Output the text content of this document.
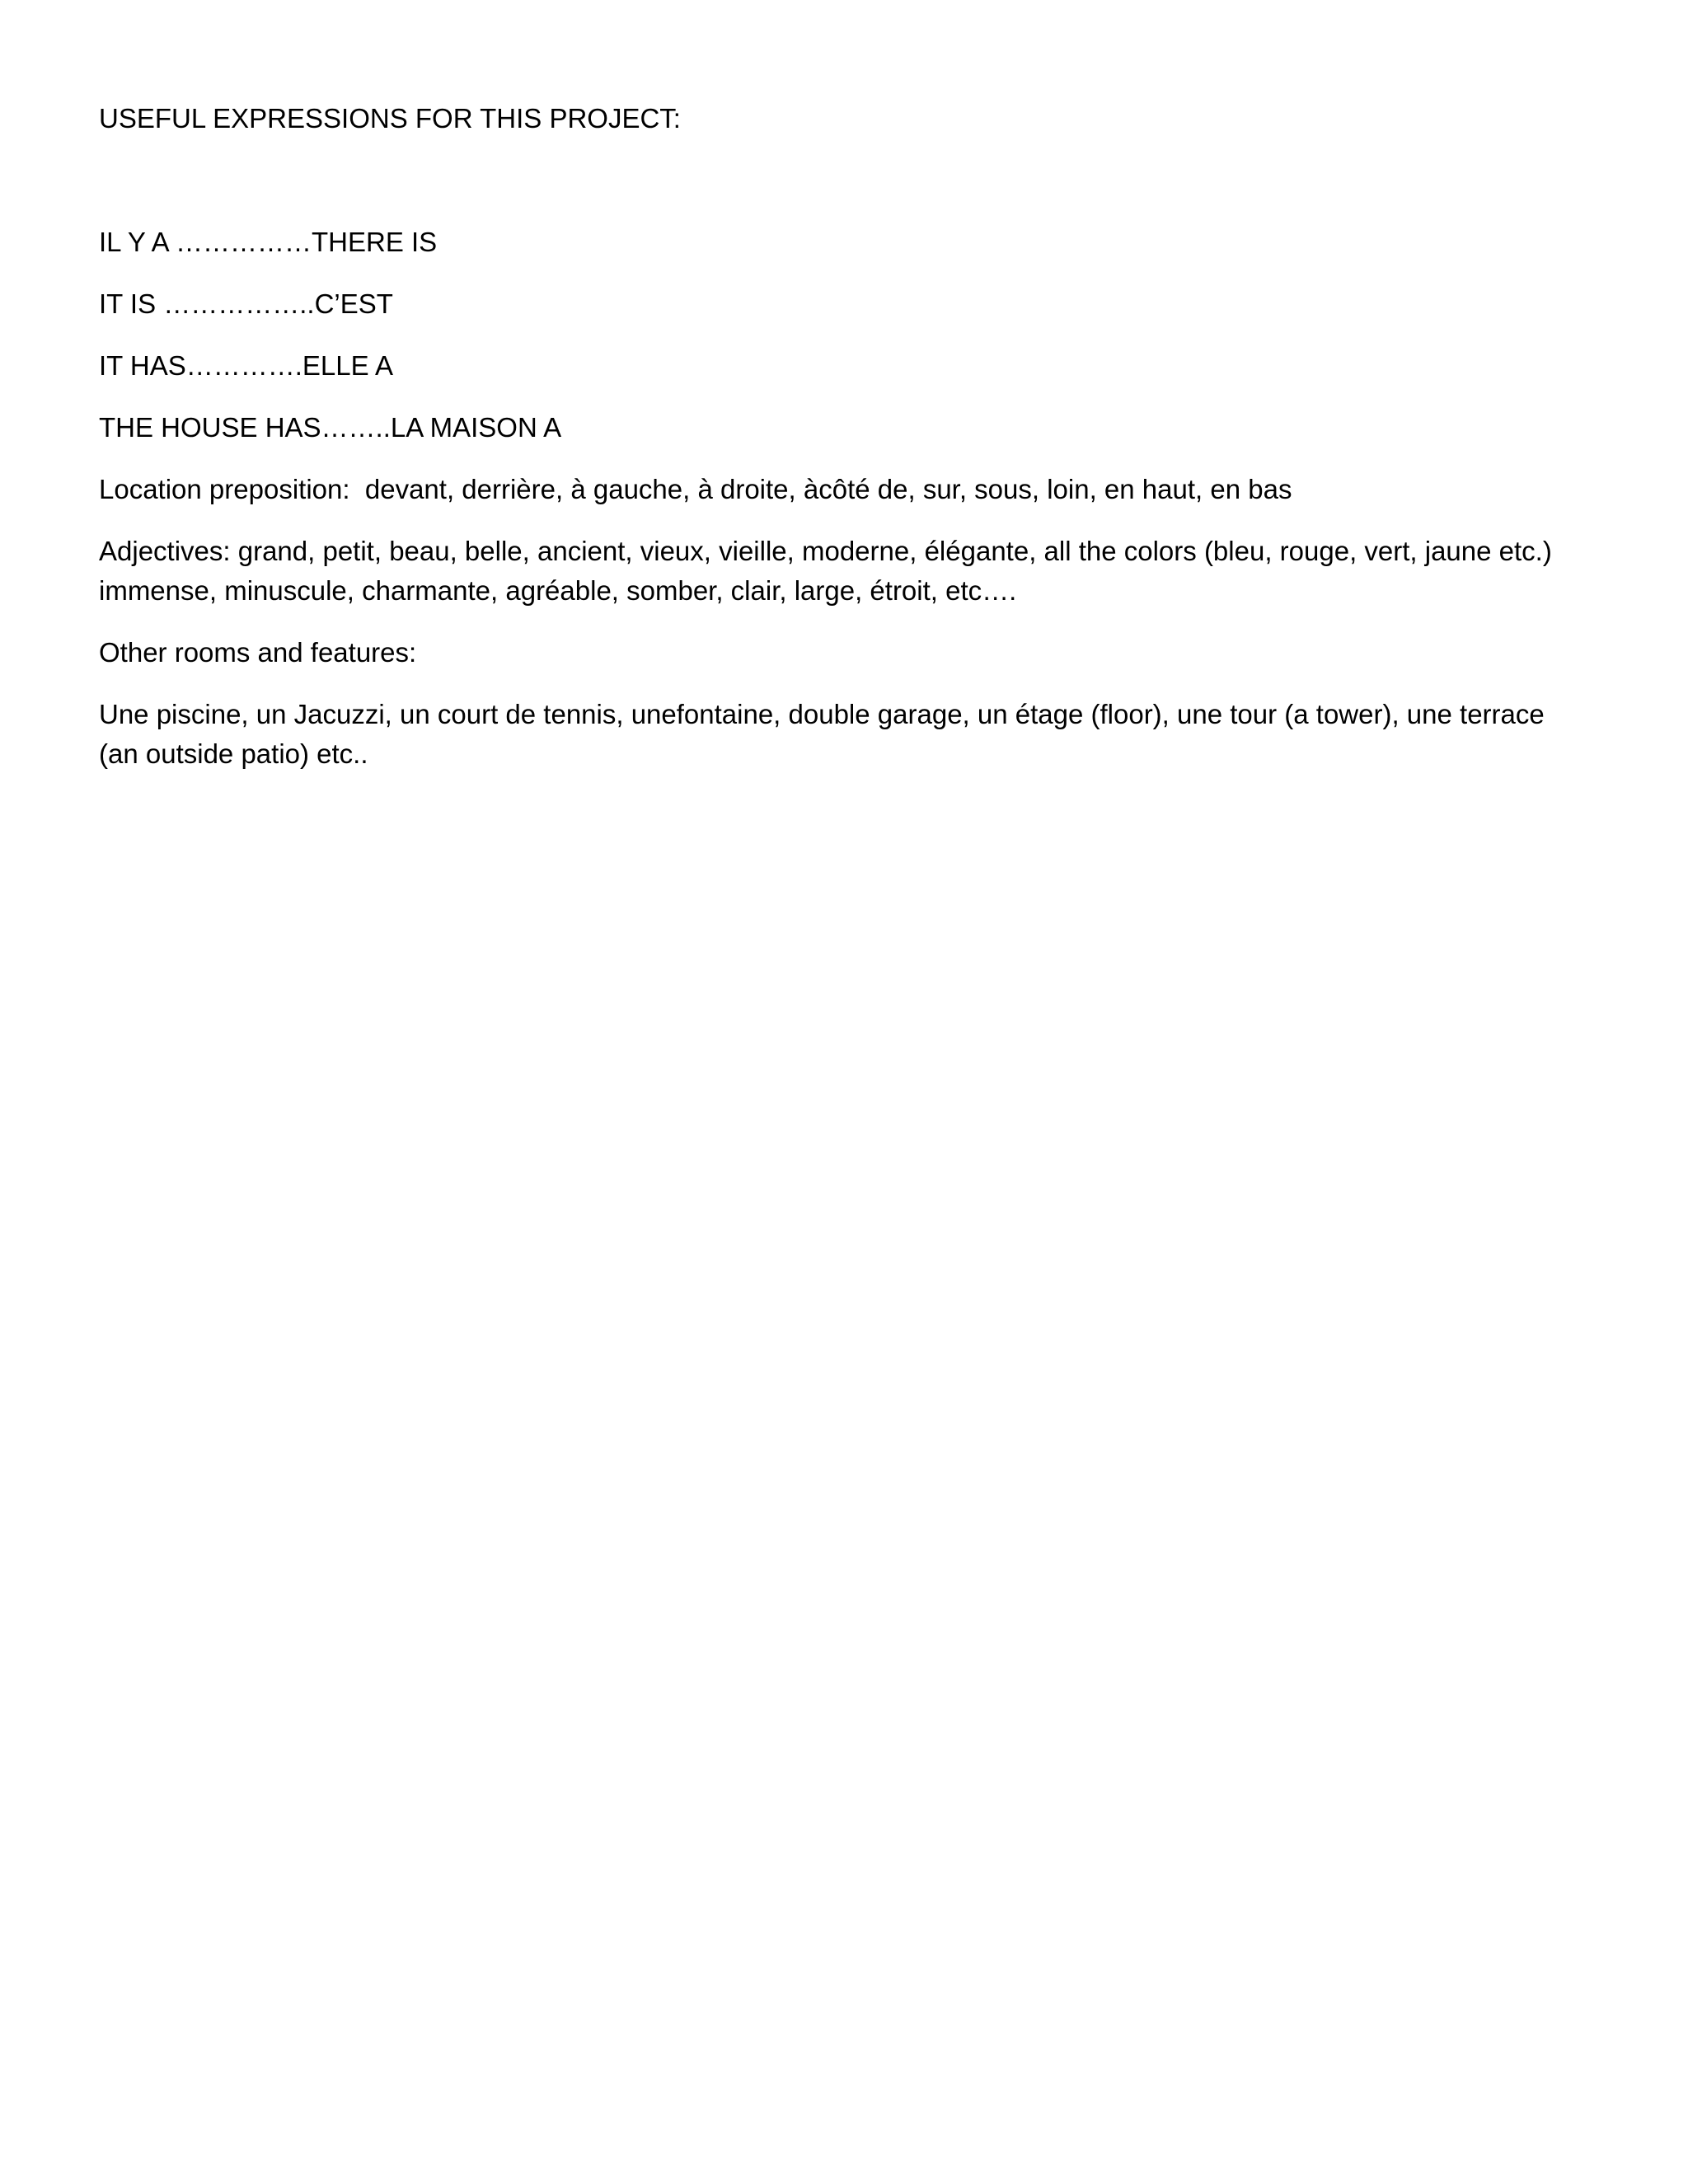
USEFUL EXPRESSIONS FOR THIS PROJECT:

IL Y A ……………THERE IS

IT IS ……………..C’EST

IT HAS………….ELLE A

THE HOUSE HAS……..LA MAISON A

Location preposition:  devant, derrière, à gauche, à droite, àcôté de, sur, sous, loin, en haut, en bas

Adjectives: grand, petit, beau, belle, ancient, vieux, vieille, moderne, élégante, all the colors (bleu, rouge, vert, jaune etc.) immense, minuscule, charmante, agréable, somber, clair, large, étroit, etc….

Other rooms and features:

Une piscine, un Jacuzzi, un court de tennis, unefontaine, double garage, un étage (floor), une tour (a tower), une terrace (an outside patio) etc..
